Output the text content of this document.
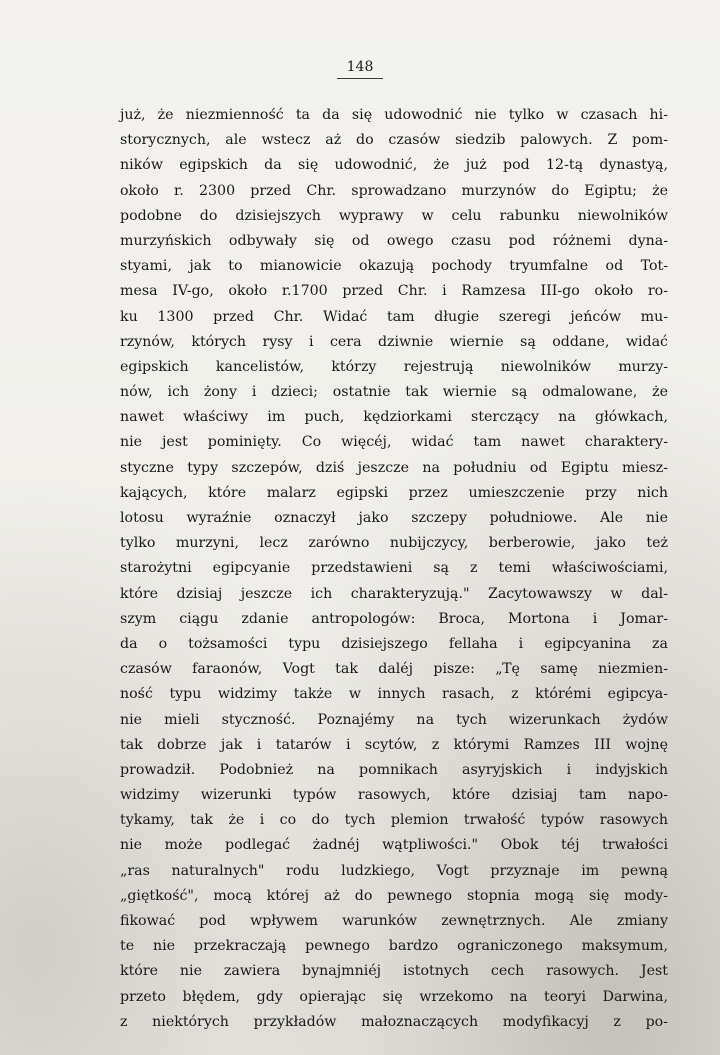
148
już, że niezmienność ta da się udowodnić nie tylko w czasach hi-
storycznych, ale wstecz aż do czasów siedzib palowych. Z pom-
ników egipskich da się udowodnić, że już pod 12-tą dynastyą,
około r. 2300 przed Chr. sprowadzano murzynów do Egiptu; że
podobne do dzisiejszych wyprawy w celu rabunku niewolników
murzyńskich odbywały się od owego czasu pod różnemi dyna-
styami, jak to mianowicie okazują pochody tryumfalne od Tot-
mesa IV-go, około r.1700 przed Chr. i Ramzesa III-go około ro-
ku 1300 przed Chr. Widać tam długie szeregi jeńców mu-
rzynów, których rysy i cera dziwnie wiernie są oddane, widać
egipskich kancelistów, którzy rejestrują niewolników murzy-
nów, ich żony i dzieci; ostatnie tak wiernie są odmalowane, że
nawet właściwy im puch, kędziorkami sterczący na główkach,
nie jest pominięty. Co więcéj, widać tam nawet charaktery-
styczne typy szczepów, dziś jeszcze na południu od Egiptu miesz-
kających, które malarz egipski przez umieszczenie przy nich
lotosu wyraźnie oznaczył jako szczepy południowe. Ale nie
tylko murzyni, lecz zarówno nubijczycy, berberowie, jako też
starożytni egipcyanie przedstawieni są z temi właściwościami,
które dzisiaj jeszcze ich charakteryzują." Zacytowawszy w dal-
szym ciągu zdanie antropologów: Broca, Mortona i Jomar-
da o tożsamości typu dzisiejszego fellaha i egipcyanina za
czasów faraonów, Vogt tak daléj pisze: „Tę samę niezmien-
ność typu widzimy także w innych rasach, z którémi egipcya-
nie mieli styczność. Poznajémy na tych wizerunkach żydów
tak dobrze jak i tatarów i scytów, z którymi Ramzes III wojnę
prowadził. Podobnież na pomnikach asyryjskich i indyjskich
widzimy wizerunki typów rasowych, które dzisiaj tam napo-
tykamy, tak że i co do tych plemion trwałość typów rasowych
nie może podlegać żadnéj wątpliwości." Obok téj trwałości
„ras naturalnych" rodu ludzkiego, Vogt przyznaje im pewną
„giętkość", mocą której aż do pewnego stopnia mogą się mody-
fikować pod wpływem warunków zewnętrznych. Ale zmiany
te nie przekraczają pewnego bardzo ograniczonego maksymum,
które nie zawiera bynajmniéj istotnych cech rasowych. Jest
przeto błędem, gdy opierając się wrzekomo na teoryi Darwina,
z niektórych przykładów małoznaczących modyfikacyj z po-
